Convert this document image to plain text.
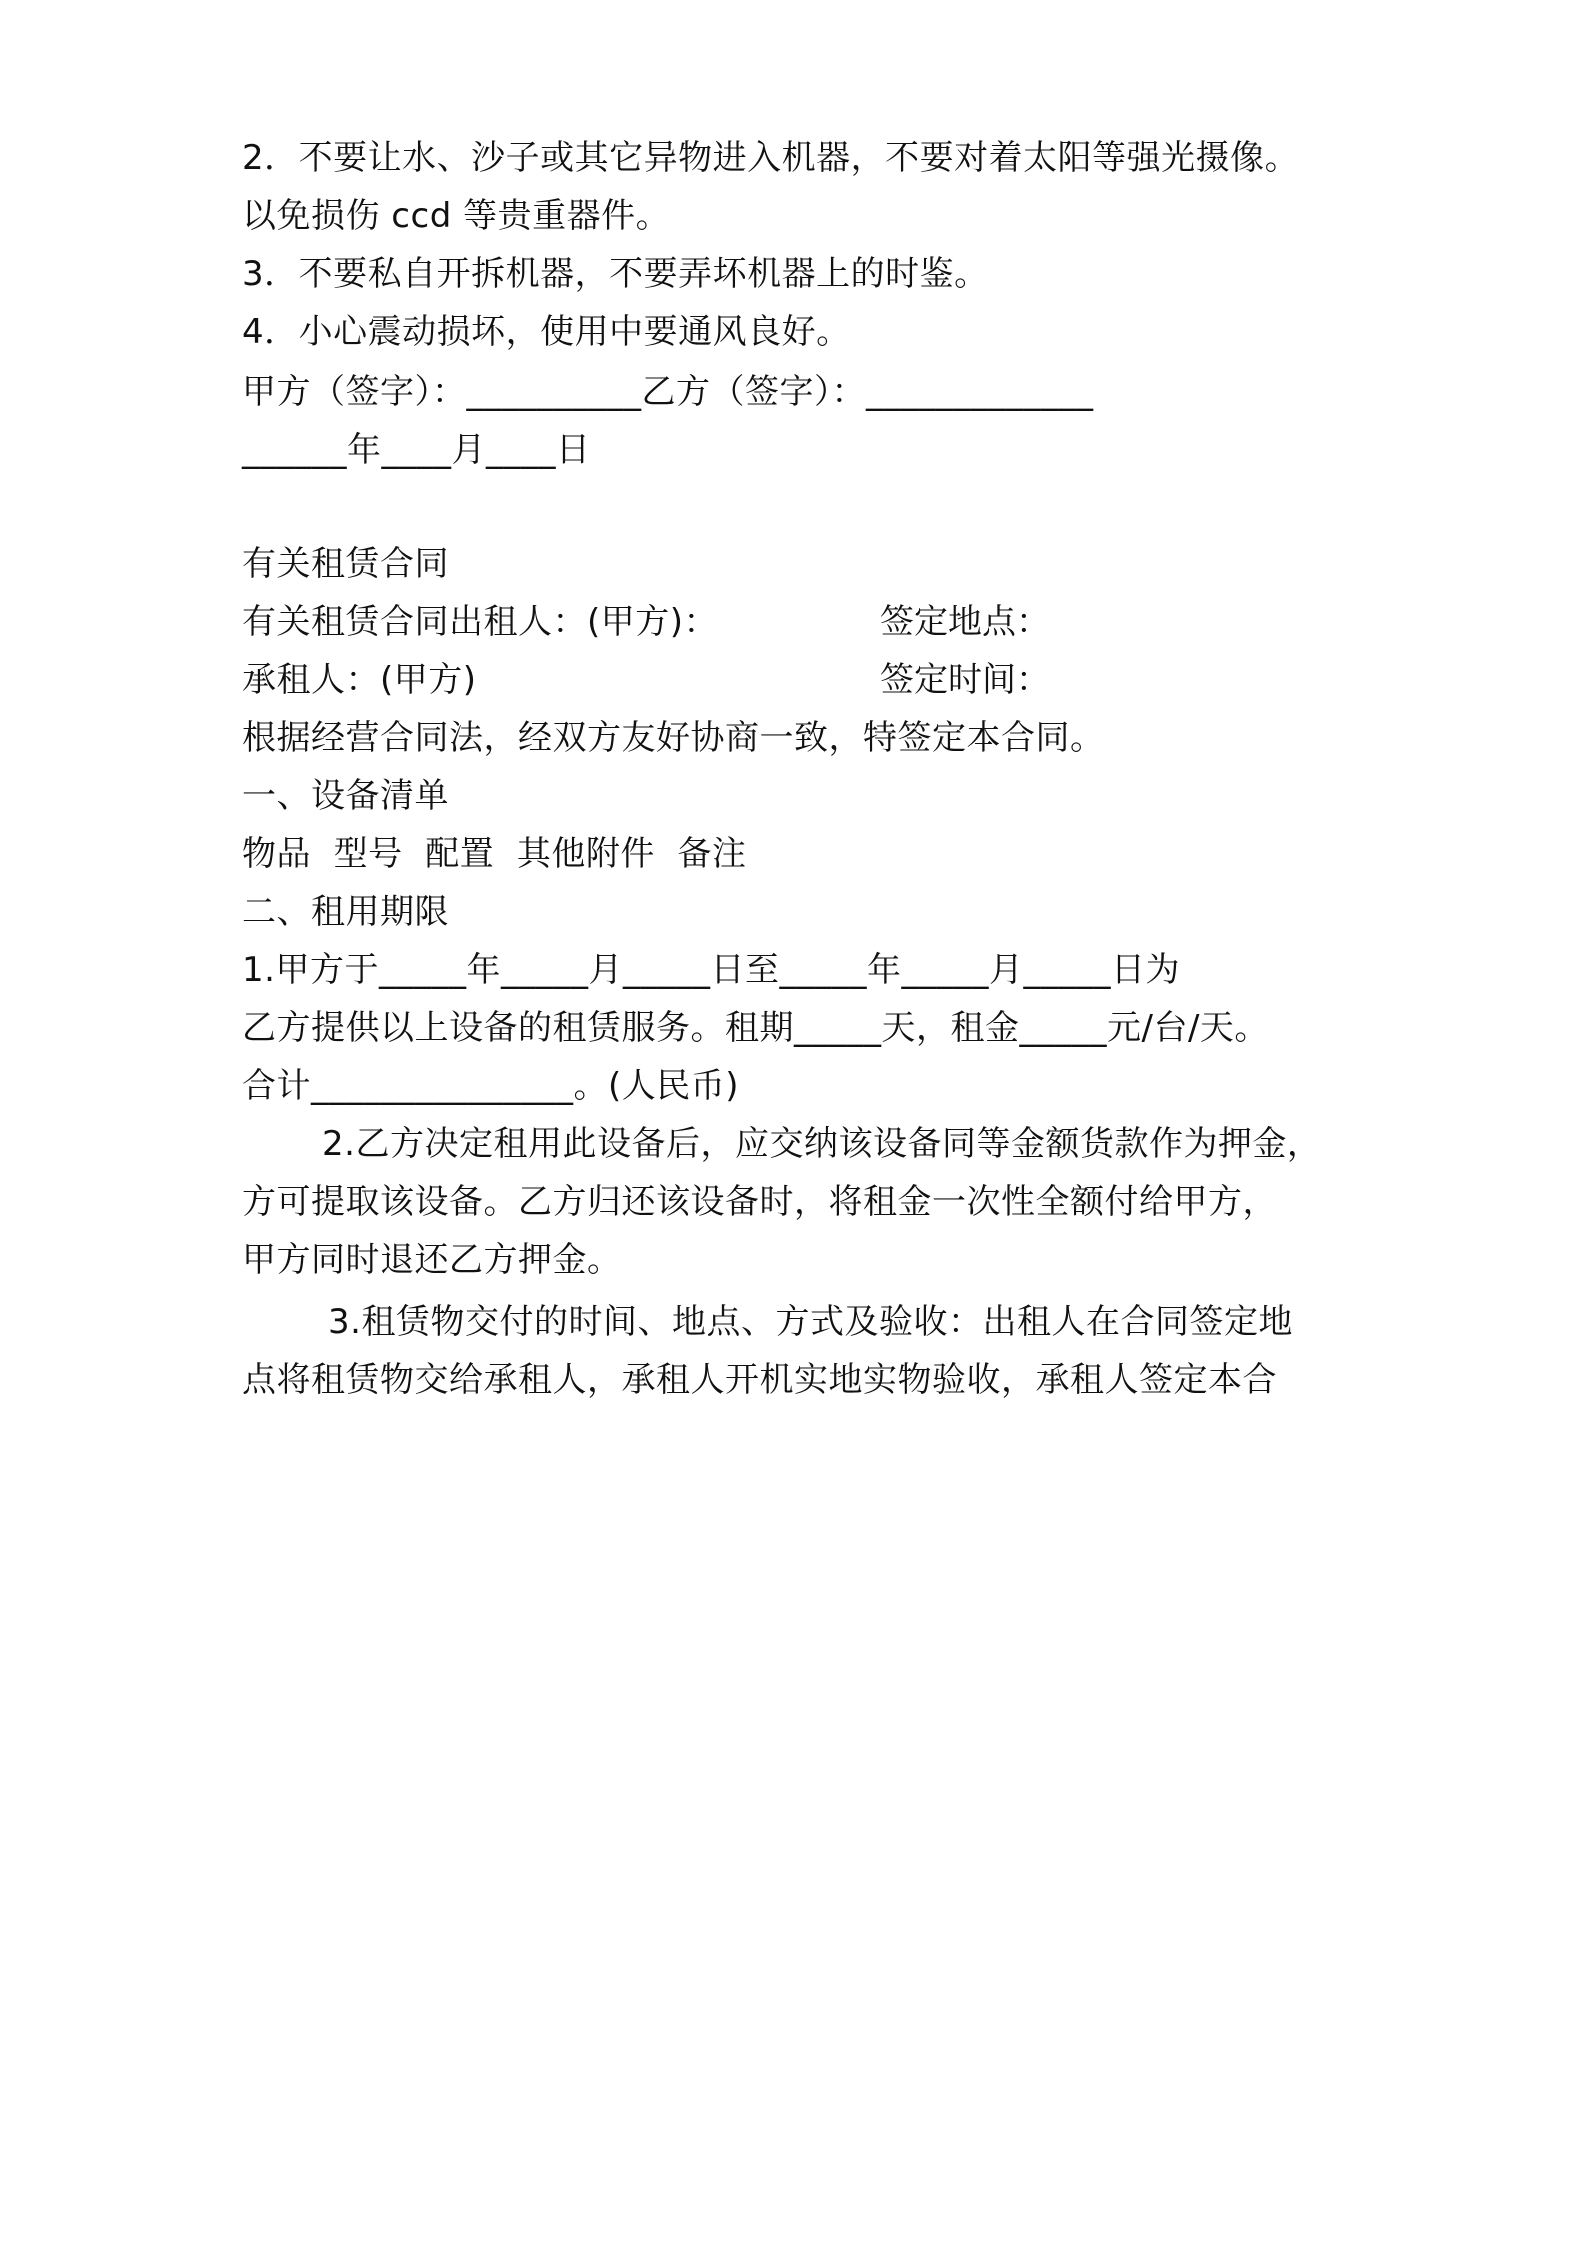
2．不要让水、沙子或其它异物进入机器，不要对着太阳等强光摄像。
以免损伤 ccd 等贵重器件。
3．不要私自开拆机器，不要弄坏机器上的时鉴。
4．小心震动损坏，使用中要通风良好。
甲方（签字）：__________乙方（签字）：_____________
______年____月____日
有关租赁合同
有关租赁合同出租人：(甲方)：	签定地点：
承租人：(甲方)	签定时间：
根据经营合同法，经双方友好协商一致，特签定本合同。
一、设备清单
物品  型号  配置  其他附件  备注
二、租用期限
1.甲方于_____年_____月_____日至_____年_____月_____日为
乙方提供以上设备的租赁服务。租期_____天，租金_____元/台/天。
合计_______________。(人民币)
2.乙方决定租用此设备后，应交纳该设备同等金额货款作为押金，
方可提取该设备。乙方归还该设备时，将租金一次性全额付给甲方，
甲方同时退还乙方押金。
3.租赁物交付的时间、地点、方式及验收：出租人在合同签定地
点将租赁物交给承租人，承租人开机实地实物验收，承租人签定本合
